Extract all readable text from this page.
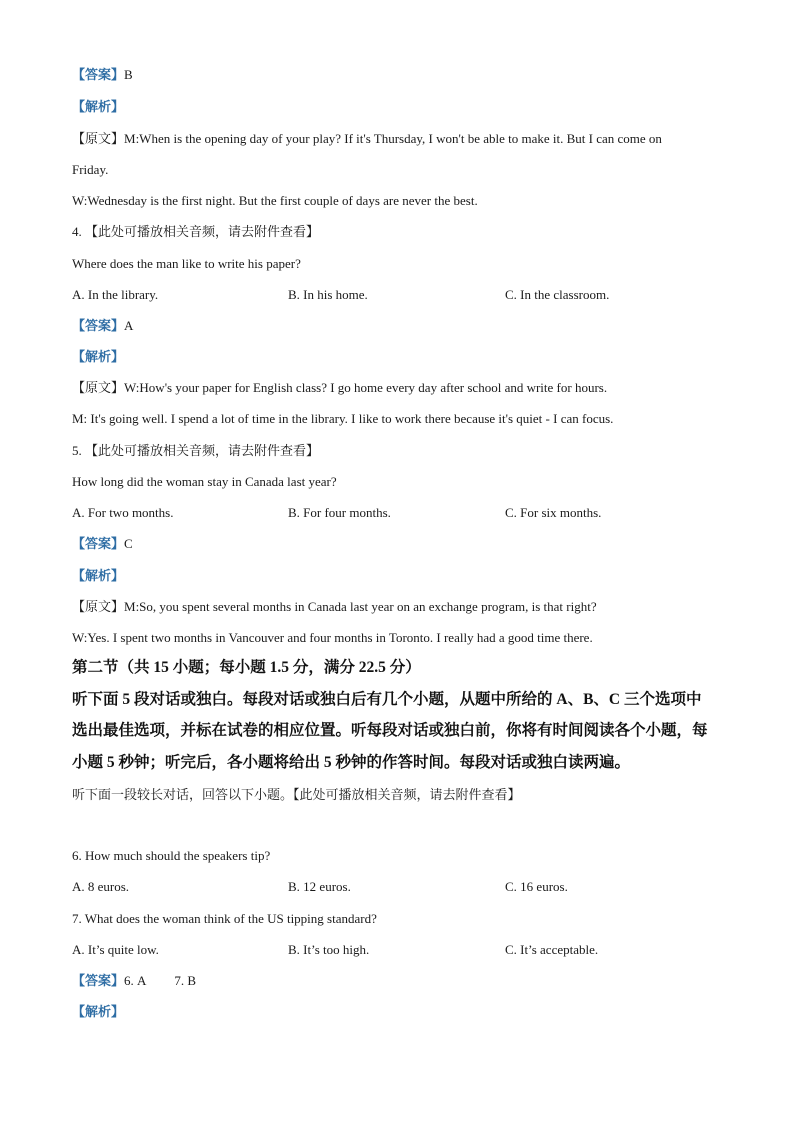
【答案】B
【解析】
【原文】M:When is the opening day of your play? If it's Thursday, I won't be able to make it. But I can come on
Friday.
W:Wednesday is the first night. But the first couple of days are never the best.
4. 【此处可播放相关音频，请去附件查看】
Where does the man like to write his paper?
A. In the library.	B. In his home.	C. In the classroom.
【答案】A
【解析】
【原文】W:How's your paper for English class? I go home every day after school and write for hours.
M: It's going well. I spend a lot of time in the library. I like to work there because it's quiet - I can focus.
5. 【此处可播放相关音频，请去附件查看】
How long did the woman stay in Canada last year?
A. For two months.	B. For four months.	C. For six months.
【答案】C
【解析】
【原文】M:So, you spent several months in Canada last year on an exchange program, is that right?
W:Yes. I spent two months in Vancouver and four months in Toronto. I really had a good time there.
第二节（共 15 小题；每小题 1.5 分，满分 22.5 分）
听下面 5 段对话或独白。每段对话或独白后有几个小题，从题中所给的 A、B、C 三个选项中
选出最佳选项，并标在试卷的相应位置。听每段对话或独白前，你将有时间阅读各个小题，每
小题 5 秒钟；听完后，各小题将给出 5 秒钟的作答时间。每段对话或独白读两遍。
听下面一段较长对话，回答以下小题。【此处可播放相关音频，请去附件查看】
6. How much should the speakers tip?
A. 8 euros.	B. 12 euros.	C. 16 euros.
7. What does the woman think of the US tipping standard?
A. It’s quite low.	B. It’s too high.	C. It’s acceptable.
【答案】6. A 7. B
【解析】
